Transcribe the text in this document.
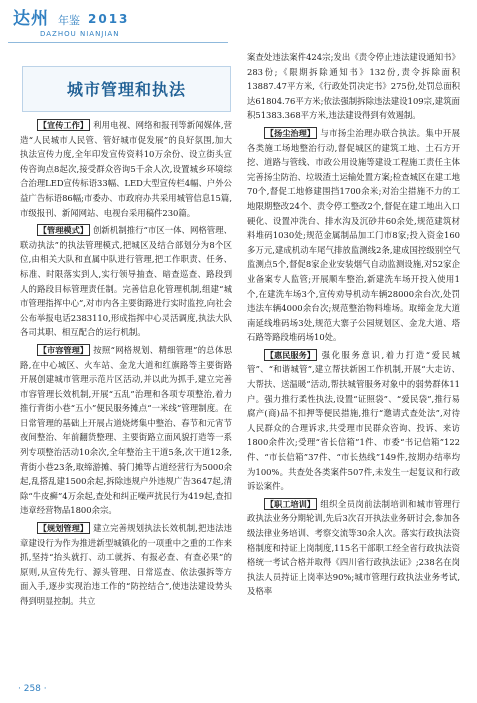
达州 年鉴 2013
DAZHOU NIANJIAN
城市管理和执法

【宣传工作】 利用电视、网络和报刊等新闻媒体,营造“人民城市人民管、管好城市促发展”的良好氛围,加大执法宣传力度,全年印发宣传资料10万余份、设立街头宣传咨询点8起次,接受群众咨询5千余人次,设置城乡环境综合治理LED宣传标语33幅、LED大型宣传栏4幅、户外公益广告标语86幅;市委办、市政府办共采用城管信息15篇,市级报刊、新闻网站、电视台采用稿件230篇。

【管理模式】 创新机制推行“市区一体、网格管理、联动执法”的执法管理模式,把城区及结合部划分为8个区位,由相关大队和直属中队进行管理,把工作职责、任务、标准、时限落实到人,实行领导抽查、暗查巡查、路段到人的路段目标管理责任制。完善信息化管理机制,组建“城市管理指挥中心”,对市内各主要街路进行实时监控,向社会公布举报电话2383110,形成指挥中心灵活调度,执法大队各司其职、相互配合的运行机制。

【市容管理】 按照“网格规划、精细管理”的总体思路,在中心城区、火车站、金龙大道和红旗路等主要街路开展创建城市管理示范片区活动,并以此为抓手,建立完善市容管理长效机制,开展“五乱”治理和各项专项整治,着力推行背街小巷“五小”便民服务摊点“一米线”管理制度。在日常管理的基础上开展占道烧烤集中整治、春节和元宵节夜间整治、年前翻货整理、主要街路立面风貌打造等一系列专项整治活动10余次,全年整治主干道5条,次干道12条,背街小巷23条,取缔游摊、骑门摊等占道经营行为5000余起,乱搭乱建1500余起,拆除违规户外违规广告3647起,清除“牛皮癣”4万余起,查处和纠正噪声扰民行为419起,查扣违章经营物品1800余宗。

【规划管理】 建立完善规划执法长效机制,把违法违章建设行为作为推进新型城镇化的一项重中之重的工作来抓,坚持“抬头就打、动工就拆、有报必查、有查必果”的原则,从宣传先行、源头管理、日常巡查、依法强拆等方面入手,逐步实现治违工作的“防控结合”,使违法建设势头得到明显控制。共立

案查处违法案件424宗;发出《责令停止违法建设通知书》283份;《限期拆除通知书》132份,责令拆除面积13887.47平方米,《行政处罚决定书》275份,处罚总面积达61804.76平方米;依法强制拆除违法建设109宗,建筑面积51383.368平方米,违法建设得到有效遏制。

【扬尘治理】 与市扬尘治理办联合执法。集中开展各类施工场地整治行动,督促城区的建筑工地、土石方开挖、道路与管线、市政公用设施等建设工程施工责任主体完善扬尘防治、垃圾渣土运输处置方案;检查城区在建工地70个,督促工地修建围挡1700余米;对治尘措施不力的工地限期整改24个、责令停工整改2个,督促在建工地出入口硬化、设置冲洗台、排水沟及沉砂井60余处,规范建筑材料堆码1030处;规范金属制品加工门市8家;投入资金160多万元,建成机动车尾气排放监测线2条,建成国控级别空气监测点5个,督促8家企业安装烟气自动监测设施,对52家企业备案专人监管;开展顺车整治,新建洗车场开投入使用1个,在建洗车场3个,宣传劝导机动车辆28000余台次,处罚违法车辆4000余台次;规范整治物料堆场。取缔金龙大道南延线堆码场3处,规范大寨子公园规划区、金龙大道、塔石路等路段堆码场10处。

【惠民服务】 强化服务意识,着力打造“爱民城管”、“和谐城管”,建立帮扶新困工作机制,开展“大走访、大帮扶、送温暖”活动,帮扶城管服务对象中的弱势群体11户。强力推行柔性执法,设置“证照袋”、“爱民袋”,推行易腐产(商)品不扣押等便民措施,推行“邀请式查处法”,对待人民群众的合理诉求,共受理市民群众咨询、投诉、来访1800余件次;受理“省长信箱”1件、市委“书记信箱”122件、“市长信箱”37件、“市长热线”149件,按期办结率均为100%。共查处各类案件507件,未发生一起复议和行政诉讼案件。

【职工培训】 组织全员岗前法制培训和城市管理行政执法业务分期轮训,先后3次召开执法业务研讨会,参加各级法律业务培训、考察交流等30余人次。落实行政执法资格制度和持证上岗制度,115名干部职工经全省行政执法资格统一考试合格并取得《四川省行政执法证》;238名在岗执法人员持证上岗率达90%;城市管理行政执法业务考试,及格率

· 258 ·
